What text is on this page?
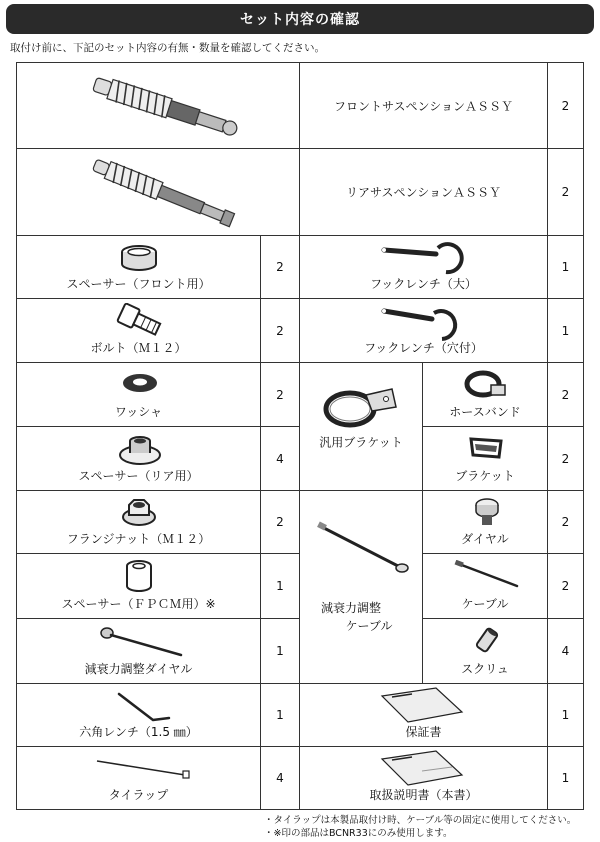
セット内容の確認
取付け前に、下記のセット内容の有無・数量を確認してください。
フロントサスペンションＡＳＳＹ	2
リアサスペンションＡＳＳＹ	2
スペーサー（フロント用）
2
フックレンチ（大）
1
ボルト（Ｍ１２）
2
フックレンチ（穴付）
1
ワッシャ
2
汎用ブラケット
ホースバンド
2
スペーサー（リア用）
4
ブラケット
2
フランジナット（Ｍ１２）
2
減衰力調整
ケーブル
ダイヤル
2
スペーサー（ＦＰＣＭ用）※
1
ケーブル
2
減衰力調整ダイヤル
1
スクリュ
4
六角レンチ（1.5 ㎜）
1
保証書
1
タイラップ
4
取扱説明書（本書）
1
・タイラップは本製品取付け時、ケーブル等の固定に使用してください。
・※印の部品はBCNR33にのみ使用します。
